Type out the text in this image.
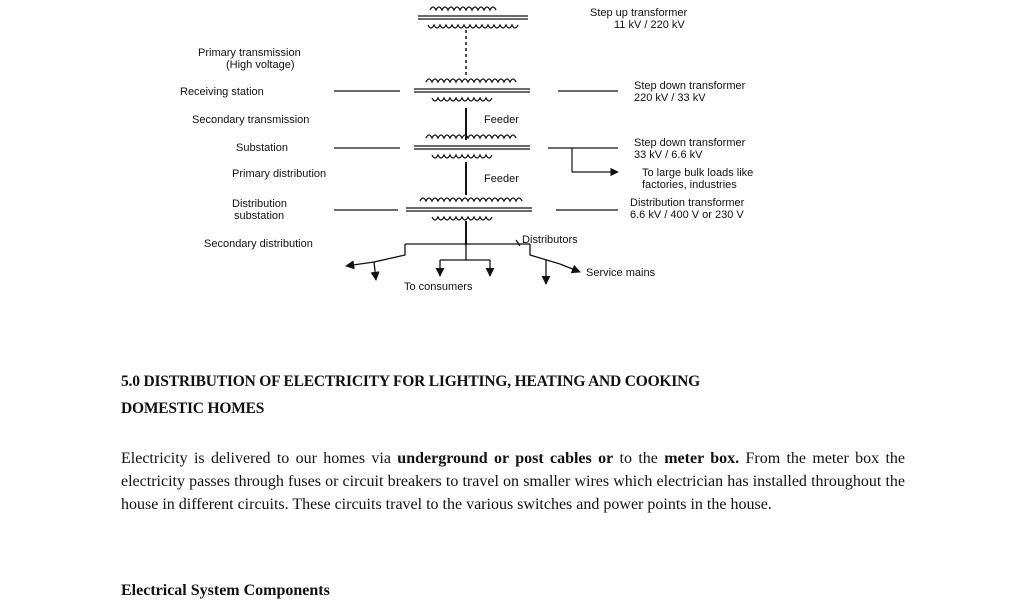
Step up transformer
11 kV / 220 kV
Primary transmission
(High voltage)
Receiving station	Step down transformer
220 kV / 33 kV
Secondary transmission	Feeder
Substation	Step down transformer
33 kV / 6.6 kV
Primary distribution	Feeder	To large bulk loads like
factories, industries
Distribution
substation
Distribution transformer
6.6 kV / 400 V or 230 V
Secondary distribution	Distributors
Service mains
To consumers
5.0 DISTRIBUTION OF ELECTRICITY FOR LIGHTING, HEATING AND COOKING
DOMESTIC HOMES

Electricity is delivered to our homes via underground or post cables or to the meter box. From the meter box the electricity passes through fuses or circuit breakers to travel on smaller wires which electrician has installed throughout the house in different circuits. These circuits travel to the various switches and power points in the house.

Electrical System Components
